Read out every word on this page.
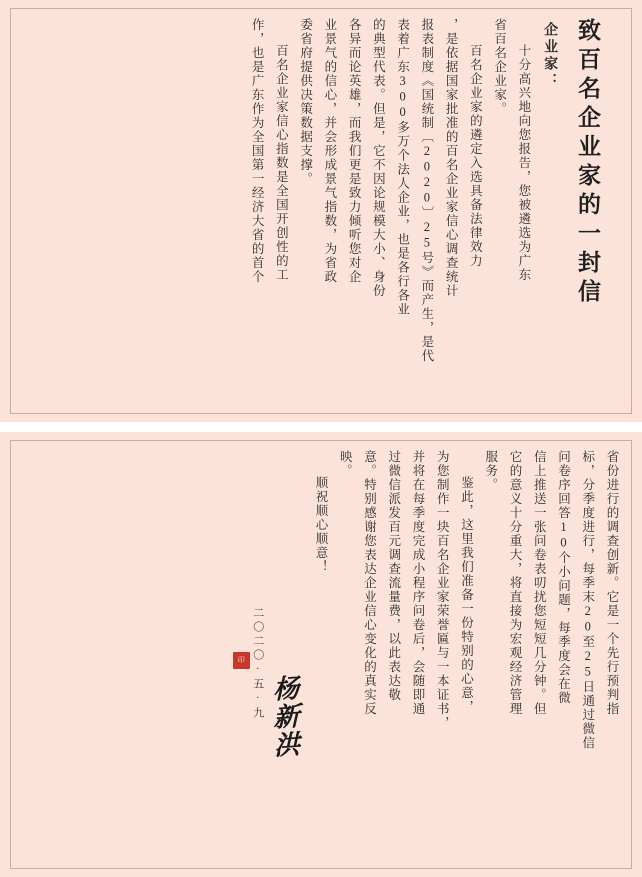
致百名企业家的一封信
企业家：
十分高兴地向您报告，您被遴选为广东
省百名企业家。
百名企业家的遴定入选具备法律效力
，是依据国家批准的百名企业家信心调查统计
报表制度《国统制〔2020〕25号》而产生，是代
表着广东300多万个法人企业，也是各行各业
的典型代表。但是，它不因论规模大小、身份
各异而论英雄，而我们更是致力倾听您对企
业景气的信心，并会形成景气指数，为省政
委省府提供决策数据支撑。
百名企业家信心指数是全国开创性的工
作，也是广东作为全国第一经济大省的首个
省份进行的调查创新。它是一个先行预判指
标，分季度进行，每季末20至25日通过微信
问卷序回答10个小问题，每季度会在微
信上推送一张问卷表叨扰您短短几分钟。但
它的意义十分重大，将直接为宏观经济管理
服务。
鉴此，这里我们准备一份特别的心意，
为您制作一块百名企业家荣誉匾与一本证书，
并将在每季度完成小程序问卷后，会随即通
过微信派发百元调查流量费，以此表达敬
意。特别感谢您表达企业信心变化的真实反
映。
顺祝顺心顺意！
杨新洪
二〇二〇·五·九
印
